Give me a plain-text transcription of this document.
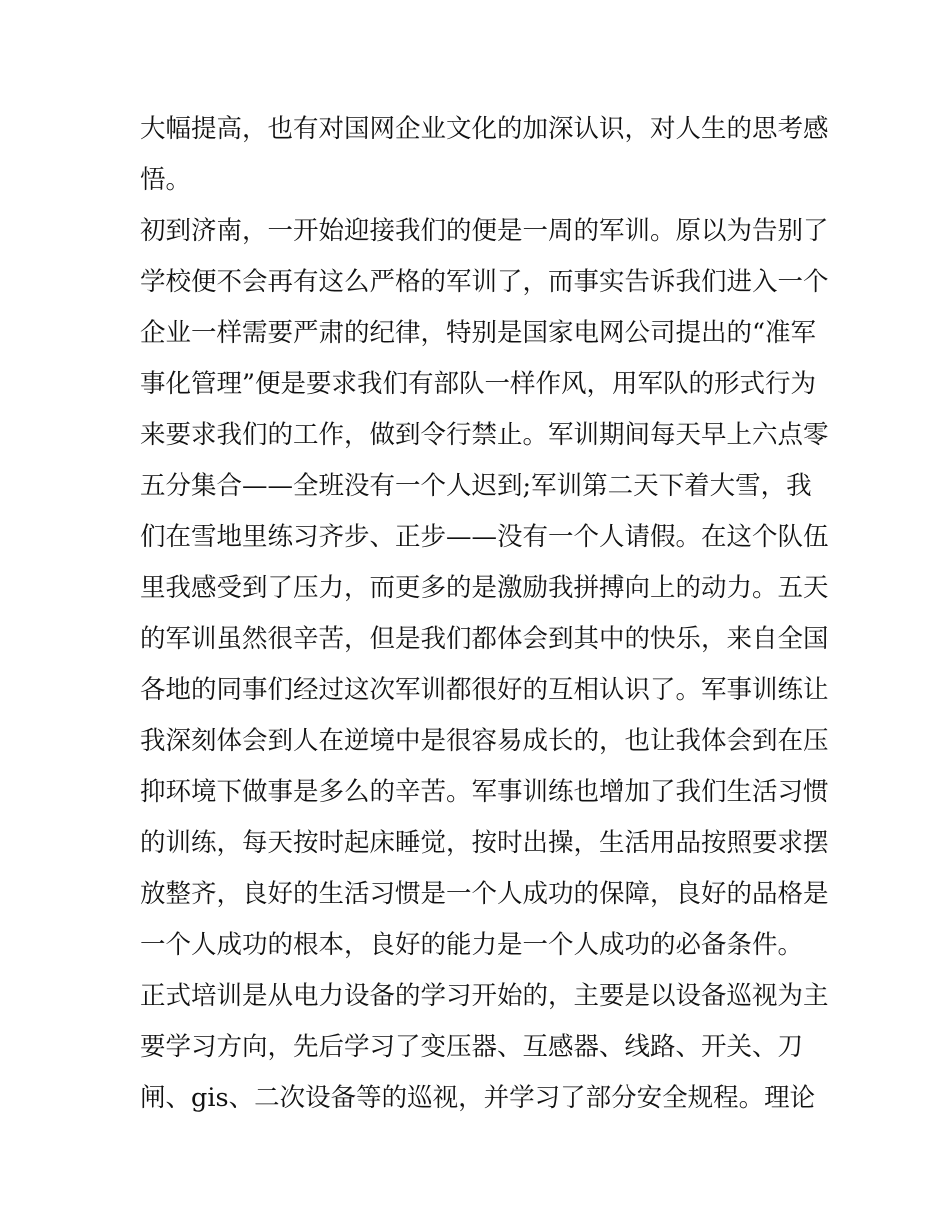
大幅提高，也有对国网企业文化的加深认识，对人生的思考感
悟。
初到济南，一开始迎接我们的便是一周的军训。原以为告别了
学校便不会再有这么严格的军训了，而事实告诉我们进入一个
企业一样需要严肃的纪律，特别是国家电网公司提出的“准军
事化管理”便是要求我们有部队一样作风，用军队的形式行为
来要求我们的工作，做到令行禁止。军训期间每天早上六点零
五分集合——全班没有一个人迟到;军训第二天下着大雪，我
们在雪地里练习齐步、正步——没有一个人请假。在这个队伍
里我感受到了压力，而更多的是激励我拼搏向上的动力。五天
的军训虽然很辛苦，但是我们都体会到其中的快乐，来自全国
各地的同事们经过这次军训都很好的互相认识了。军事训练让
我深刻体会到人在逆境中是很容易成长的，也让我体会到在压
抑环境下做事是多么的辛苦。军事训练也增加了我们生活习惯
的训练，每天按时起床睡觉，按时出操，生活用品按照要求摆
放整齐，良好的生活习惯是一个人成功的保障，良好的品格是
一个人成功的根本，良好的能力是一个人成功的必备条件。
正式培训是从电力设备的学习开始的，主要是以设备巡视为主
要学习方向，先后学习了变压器、互感器、线路、开关、刀
闸、gis、二次设备等的巡视，并学习了部分安全规程。理论
